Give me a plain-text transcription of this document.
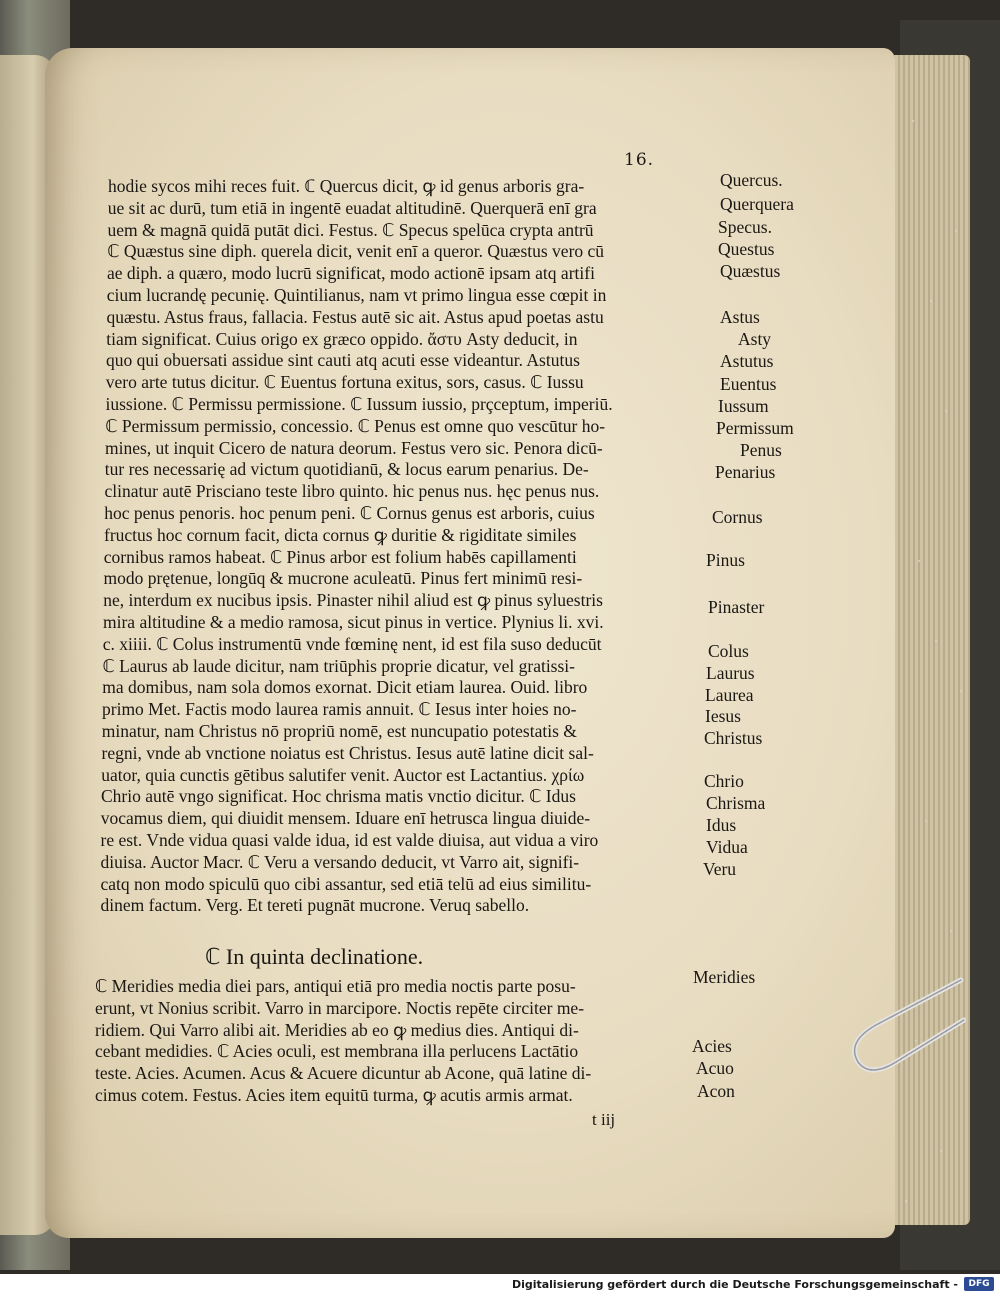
16.
hodie sycos mihi reces fuit. ℂ Quercus dicit, ꝙ id genus arboris gra-
ue sit ac durū, tum etiā in ingentē euadat altitudinē. Querquerā enī gra
uem & magnā quidā putāt dici. Festus. ℂ Specus spelūca crypta antrū
ℂ Quæstus sine diph. querela dicit, venit enī a queror. Quæstus vero cū
ae diph. a quæro, modo lucrū significat, modo actionē ipsam atq artifi
cium lucrandę pecunię. Quintilianus, nam vt primo lingua esse cœpit in
quæstu. Astus fraus, fallacia. Festus autē sic ait. Astus apud poetas astu
tiam significat. Cuius origo ex græco oppido. ἄστυ Asty deducit, in
quo qui obuersati assidue sint cauti atq acuti esse videantur. Astutus
vero arte tutus dicitur. ℂ Euentus fortuna exitus, sors, casus. ℂ Iussu
iussione. ℂ Permissu permissione. ℂ Iussum iussio, prçceptum, imperiū.
ℂ Permissum permissio, concessio. ℂ Penus est omne quo vescūtur ho-
mines, ut inquit Cicero de natura deorum. Festus vero sic. Penora dicū-
tur res necessarię ad victum quotidianū, & locus earum penarius. De-
clinatur autē Prisciano teste libro quinto. hic penus nus. hęc penus nus.
hoc penus penoris. hoc penum peni. ℂ Cornus genus est arboris, cuius
fructus hoc cornum facit, dicta cornus ꝙ duritie & rigiditate similes
cornibus ramos habeat. ℂ Pinus arbor est folium habēs capillamenti
modo prętenue, longūq & mucrone aculeatū. Pinus fert minimū resi-
ne, interdum ex nucibus ipsis. Pinaster nihil aliud est ꝙ pinus syluestris
mira altitudine & a medio ramosa, sicut pinus in vertice. Plynius li. xvi.
c. xiiii. ℂ Colus instrumentū vnde fœminę nent, id est fila suso deducūt
ℂ Laurus ab laude dicitur, nam triūphis proprie dicatur, vel gratissi-
ma domibus, nam sola domos exornat. Dicit etiam laurea. Ouid. libro
primo Met. Factis modo laurea ramis annuit. ℂ Iesus inter hoies no-
minatur, nam Christus nō propriū nomē, est nuncupatio potestatis &
regni, vnde ab vnctione noiatus est Christus. Iesus autē latine dicit sal-
uator, quia cunctis gētibus salutifer venit. Auctor est Lactantius. χρίω
Chrio autē vngo significat. Hoc chrisma matis vnctio dicitur. ℂ Idus
vocamus diem, qui diuidit mensem. Iduare enī hetrusca lingua diuide-
re est. Vnde vidua quasi valde idua, id est valde diuisa, aut vidua a viro
diuisa. Auctor Macr. ℂ Veru a versando deducit, vt Varro ait, signifi-
catq non modo spiculū quo cibi assantur, sed etiā telū ad eius similitu-
dinem factum. Verg. Et tereti pugnāt mucrone. Veruq sabello.
ℂ In quinta declinatione.
ℂ Meridies media diei pars, antiqui etiā pro media noctis parte posu-
erunt, vt Nonius scribit. Varro in marcipore. Noctis repēte circiter me-
ridiem. Qui Varro alibi ait. Meridies ab eo ꝙ medius dies. Antiqui di-
cebant medidies. ℂ Acies oculi, est membrana illa perlucens Lactātio
teste. Acies. Acumen. Acus & Acuere dicuntur ab Acone, quā latine di-
cimus cotem. Festus. Acies item equitū turma, ꝙ acutis armis armat.
Quercus.
Querquera
Specus.
Questus
Quæstus
Astus
Asty
Astutus
Euentus
Iussum
Permissum
Penus
Penarius
Cornus
Pinus
Pinaster
Colus
Laurus
Laurea
Iesus
Christus
Chrio
Chrisma
Idus
Vidua
Veru
Meridies
Acies
Acuo
Acon
t iij
Digitalisierung gefördert durch die Deutsche Forschungsgemeinschaft -	DFG
